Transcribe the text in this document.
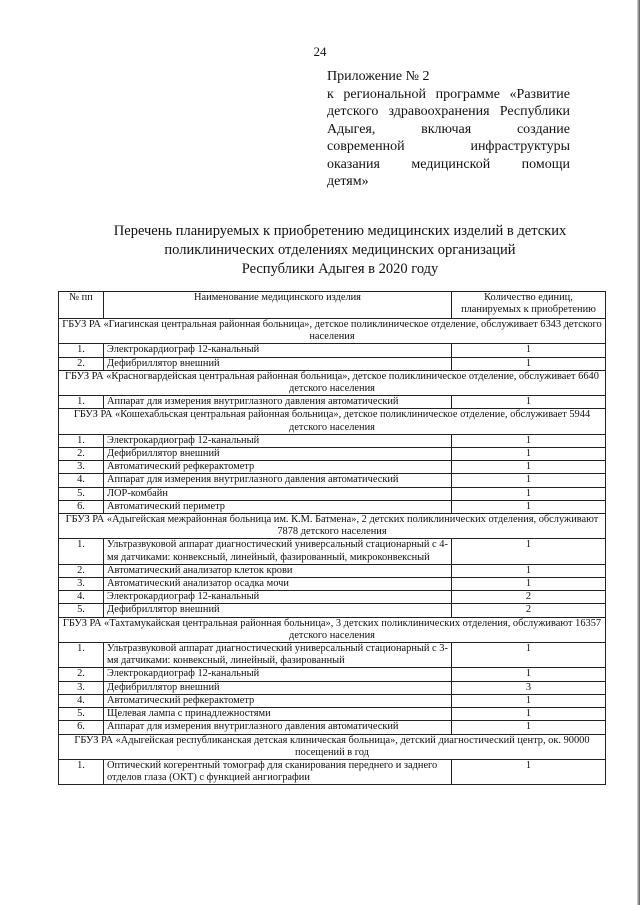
24
Приложение № 2
к региональной программе «Развитие
детского здравоохранения Республики
Адыгея, включая создание
современной инфраструктуры
оказания медицинской помощи
детям»
Перечень планируемых к приобретению медицинских изделий в детских
поликлинических отделениях медицинских организаций
Республики Адыгея в 2020 году
№ пп	Наименование медицинского изделия	Количество единиц, планируемых к приобретению
ГБУЗ РА «Гиагинская центральная районная больница», детское поликлиническое отделение, обслуживает 6343 детского населения		
1.	Электрокардиограф 12-канальный	1
2.	Дефибриллятор внешний	1
ГБУЗ РА «Красногвардейская центральная районная больница», детское поликлиническое отделение, обслуживает 6640 детского населения		
1.	Аппарат для измерения внутриглазного давления автоматический	1
ГБУЗ РА «Кошехабльская центральная районная больница», детское поликлиническое отделение, обслуживает 5944 детского населения		
1.	Электрокардиограф 12-канальный	1
2.	Дефибриллятор внешний	1
3.	Автоматический рефкерактометр	1
4.	Аппарат для измерения внутриглазного давления автоматический	1
5.	ЛОР-комбайн	1
6.	Автоматический периметр	1
ГБУЗ РА «Адыгейская межрайонная больница им. К.М. Батмена», 2 детских поликлинических отделения, обслуживают 7878 детского населения		
1.	Ультразвуковой аппарат диагностический универсальный стационарный с 4-мя датчиками: конвексный, линейный, фазированный, микроконвексный	1
2.	Автоматический анализатор клеток крови	1
3.	Автоматический анализатор осадка мочи	1
4.	Электрокардиограф 12-канальный	2
5.	Дефибриллятор внешний	2
ГБУЗ РА «Тахтамукайская центральная районная больница», 3 детских поликлинических отделения, обслуживают 16357 детского населения		
1.	Ультразвуковой аппарат диагностический универсальный стационарный с 3-мя датчиками: конвексный, линейный, фазированный	1
2.	Электрокардиограф 12-канальный	1
3.	Дефибриллятор внешний	3
4.	Автоматический рефкерактометр	1
5.	Щелевая лампа с принадлежностями	1
6.	Аппарат для измерения внутриглазного давления автоматический	1
ГБУЗ РА «Адыгейская республиканская детская клиническая больница», детский диагностический центр, ок. 90000 посещений в год		
1.	Оптический когерентный томограф для сканирования переднего и заднего отделов глаза (ОКТ) с функцией ангиографии	1
